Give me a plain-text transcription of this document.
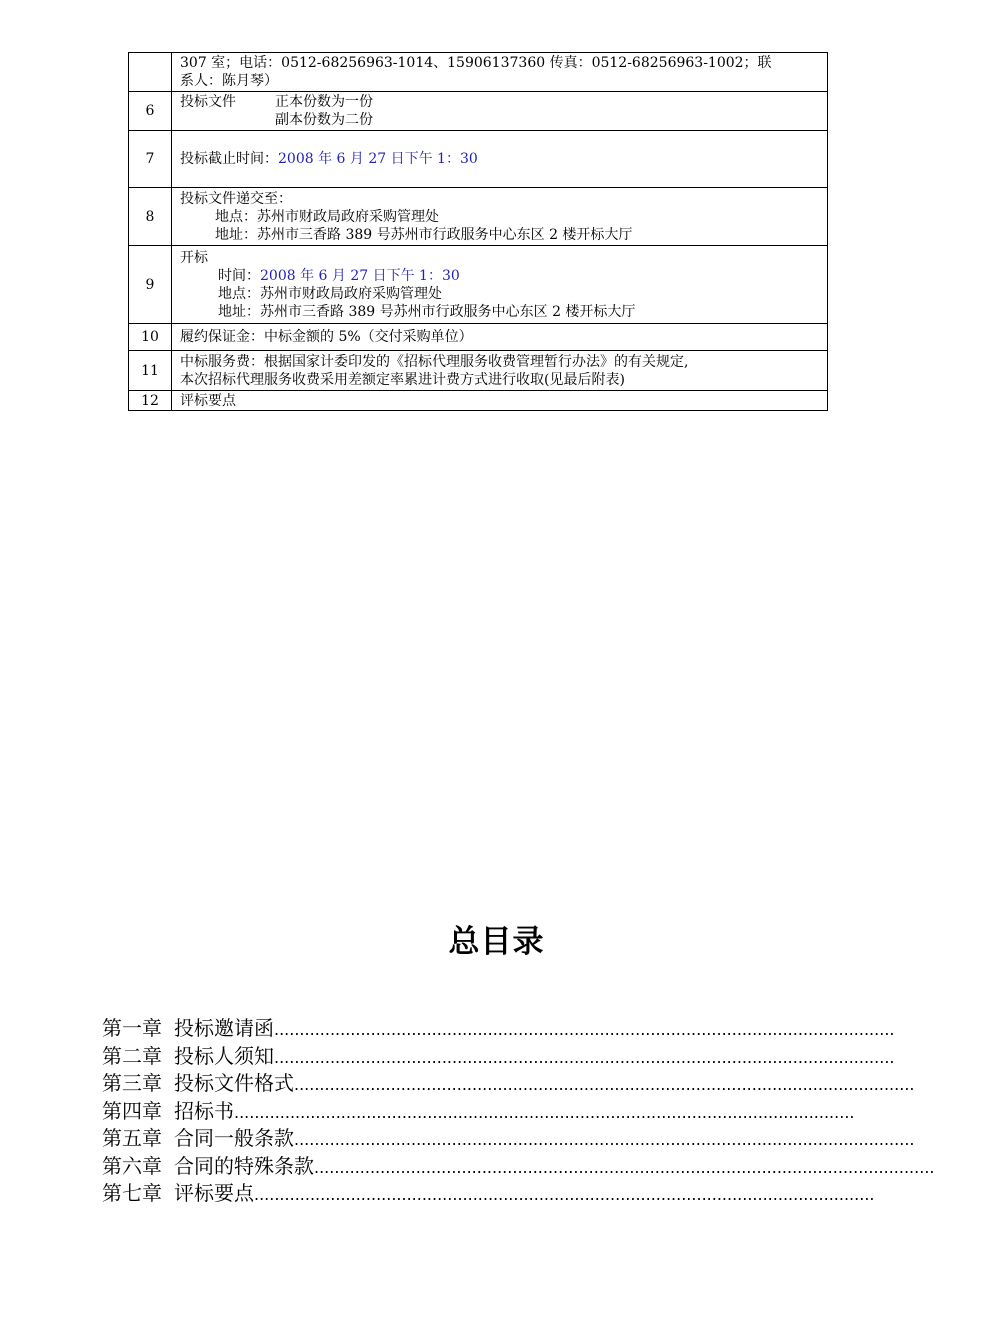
	307 室；电话：0512-68256963-1014、15906137360 传真：0512-68256963-1002；联
系人：陈月琴）

6	投标文件 正本份数为一份
副本份数为二份

7	投标截止时间：2008 年 6 月 27 日下午 1：30
8	投标文件递交至：
地点：苏州市财政局政府采购管理处
地址：苏州市三香路 389 号苏州市行政服务中心东区 2 楼开标大厅

9	开标
时间：2008 年 6 月 27 日下午 1：30
地点：苏州市财政局政府采购管理处
地址：苏州市三香路 389 号苏州市行政服务中心东区 2 楼开标大厅

10	履约保证金：中标金额的 5%（交付采购单位）
11	中标服务费：根据国家计委印发的《招标代理服务收费管理暂行办法》的有关规定,
本次招标代理服务收费采用差额定率累进计费方式进行收取(见最后附表)

12	评标要点
总目录
第一章 投标邀请函 ..........................................................................................................................
第二章 投标人须知 ..........................................................................................................................
第三章 投标文件格式 ..........................................................................................................................
第四章 招标书 ..........................................................................................................................
第五章 合同一般条款 ..........................................................................................................................
第六章 合同的特殊条款 ..........................................................................................................................
第七章 评标要点 ..........................................................................................................................
